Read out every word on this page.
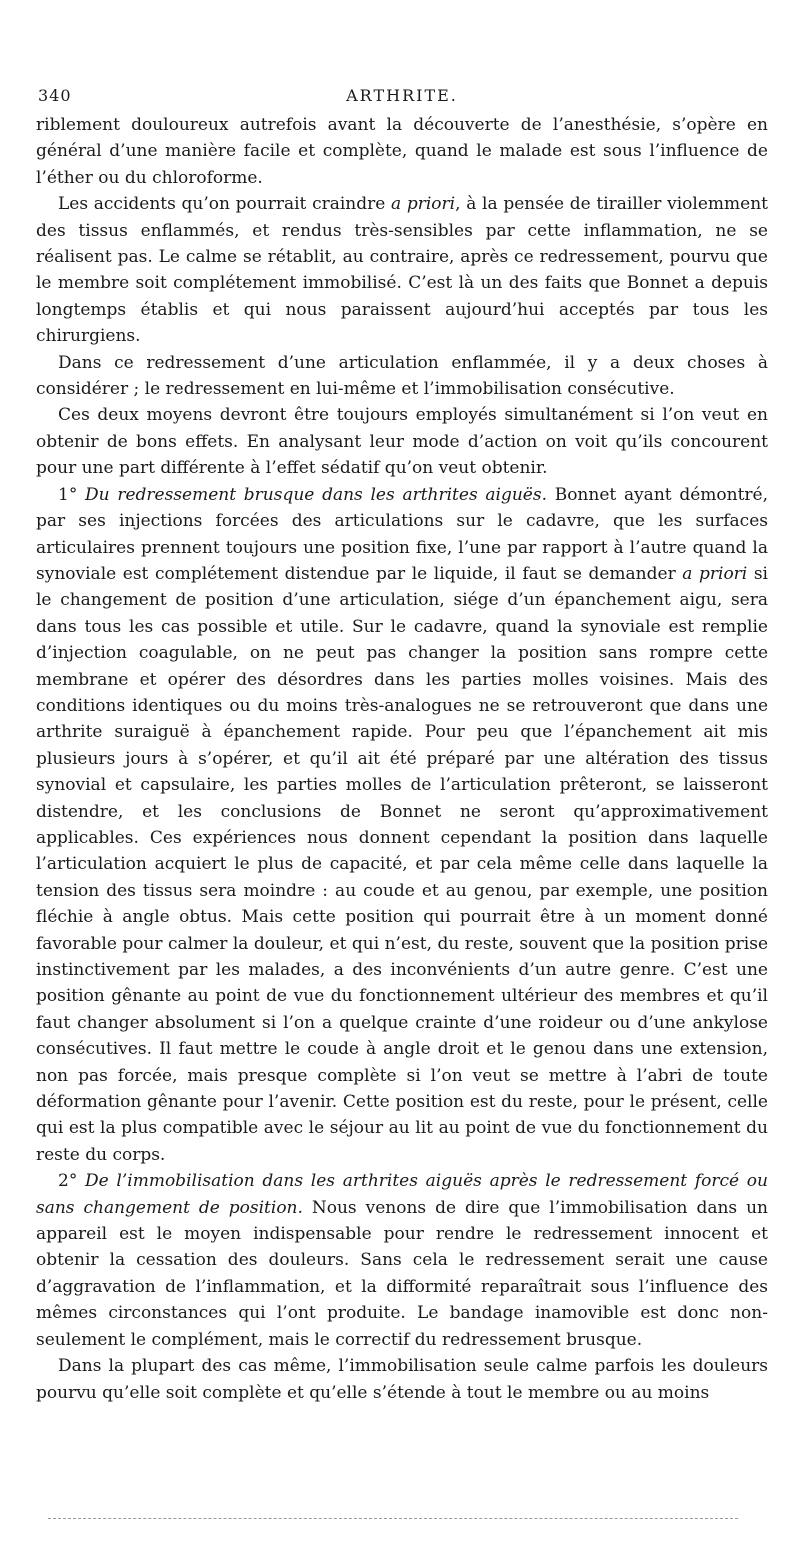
340	ARTHRITE.

riblement douloureux autrefois avant la découverte de l’anesthésie, s’opère en général d’une manière facile et complète, quand le malade est sous l’influence de l’éther ou du chloroforme.

Les accidents qu’on pourrait craindre a priori, à la pensée de tirailler violemment des tissus enflammés, et rendus très-sensibles par cette inflammation, ne se réalisent pas. Le calme se rétablit, au contraire, après ce redressement, pourvu que le membre soit complétement immobilisé. C’est là un des faits que Bonnet a depuis longtemps établis et qui nous paraissent aujourd’hui acceptés par tous les chirurgiens.

Dans ce redressement d’une articulation enflammée, il y a deux choses à considérer ; le redressement en lui-même et l’immobilisation consécutive.

Ces deux moyens devront être toujours employés simultanément si l’on veut en obtenir de bons effets. En analysant leur mode d’action on voit qu’ils concourent pour une part différente à l’effet sédatif qu’on veut obtenir.

1° Du redressement brusque dans les arthrites aiguës. Bonnet ayant démontré, par ses injections forcées des articulations sur le cadavre, que les surfaces articulaires prennent toujours une position fixe, l’une par rapport à l’autre quand la synoviale est complétement distendue par le liquide, il faut se demander a priori si le changement de position d’une articulation, siége d’un épanchement aigu, sera dans tous les cas possible et utile. Sur le cadavre, quand la synoviale est remplie d’injection coagulable, on ne peut pas changer la position sans rompre cette membrane et opérer des désordres dans les parties molles voisines. Mais des conditions identiques ou du moins très-analogues ne se retrouveront que dans une arthrite suraiguë à épanchement rapide. Pour peu que l’épanchement ait mis plusieurs jours à s’opérer, et qu’il ait été préparé par une altération des tissus synovial et capsulaire, les parties molles de l’articulation prêteront, se laisseront distendre, et les conclusions de Bonnet ne seront qu’approximativement applicables. Ces expériences nous donnent cependant la position dans laquelle l’articulation acquiert le plus de capacité, et par cela même celle dans laquelle la tension des tissus sera moindre : au coude et au genou, par exemple, une position fléchie à angle obtus. Mais cette position qui pourrait être à un moment donné favorable pour calmer la douleur, et qui n’est, du reste, souvent que la position prise instinctivement par les malades, a des inconvénients d’un autre genre. C’est une position gênante au point de vue du fonctionnement ultérieur des membres et qu’il faut changer absolument si l’on a quelque crainte d’une roideur ou d’une ankylose consécutives. Il faut mettre le coude à angle droit et le genou dans une extension, non pas forcée, mais presque complète si l’on veut se mettre à l’abri de toute déformation gênante pour l’avenir. Cette position est du reste, pour le présent, celle qui est la plus compatible avec le séjour au lit au point de vue du fonctionnement du reste du corps.

2° De l’immobilisation dans les arthrites aiguës après le redressement forcé ou sans changement de position. Nous venons de dire que l’immobilisation dans un appareil est le moyen indispensable pour rendre le redressement innocent et obtenir la cessation des douleurs. Sans cela le redressement serait une cause d’aggravation de l’inflammation, et la difformité reparaîtrait sous l’influence des mêmes circonstances qui l’ont produite. Le bandage inamovible est donc non-seulement le complément, mais le correctif du redressement brusque.

Dans la plupart des cas même, l’immobilisation seule calme parfois les douleurs pourvu qu’elle soit complète et qu’elle s’étende à tout le membre ou au moins
